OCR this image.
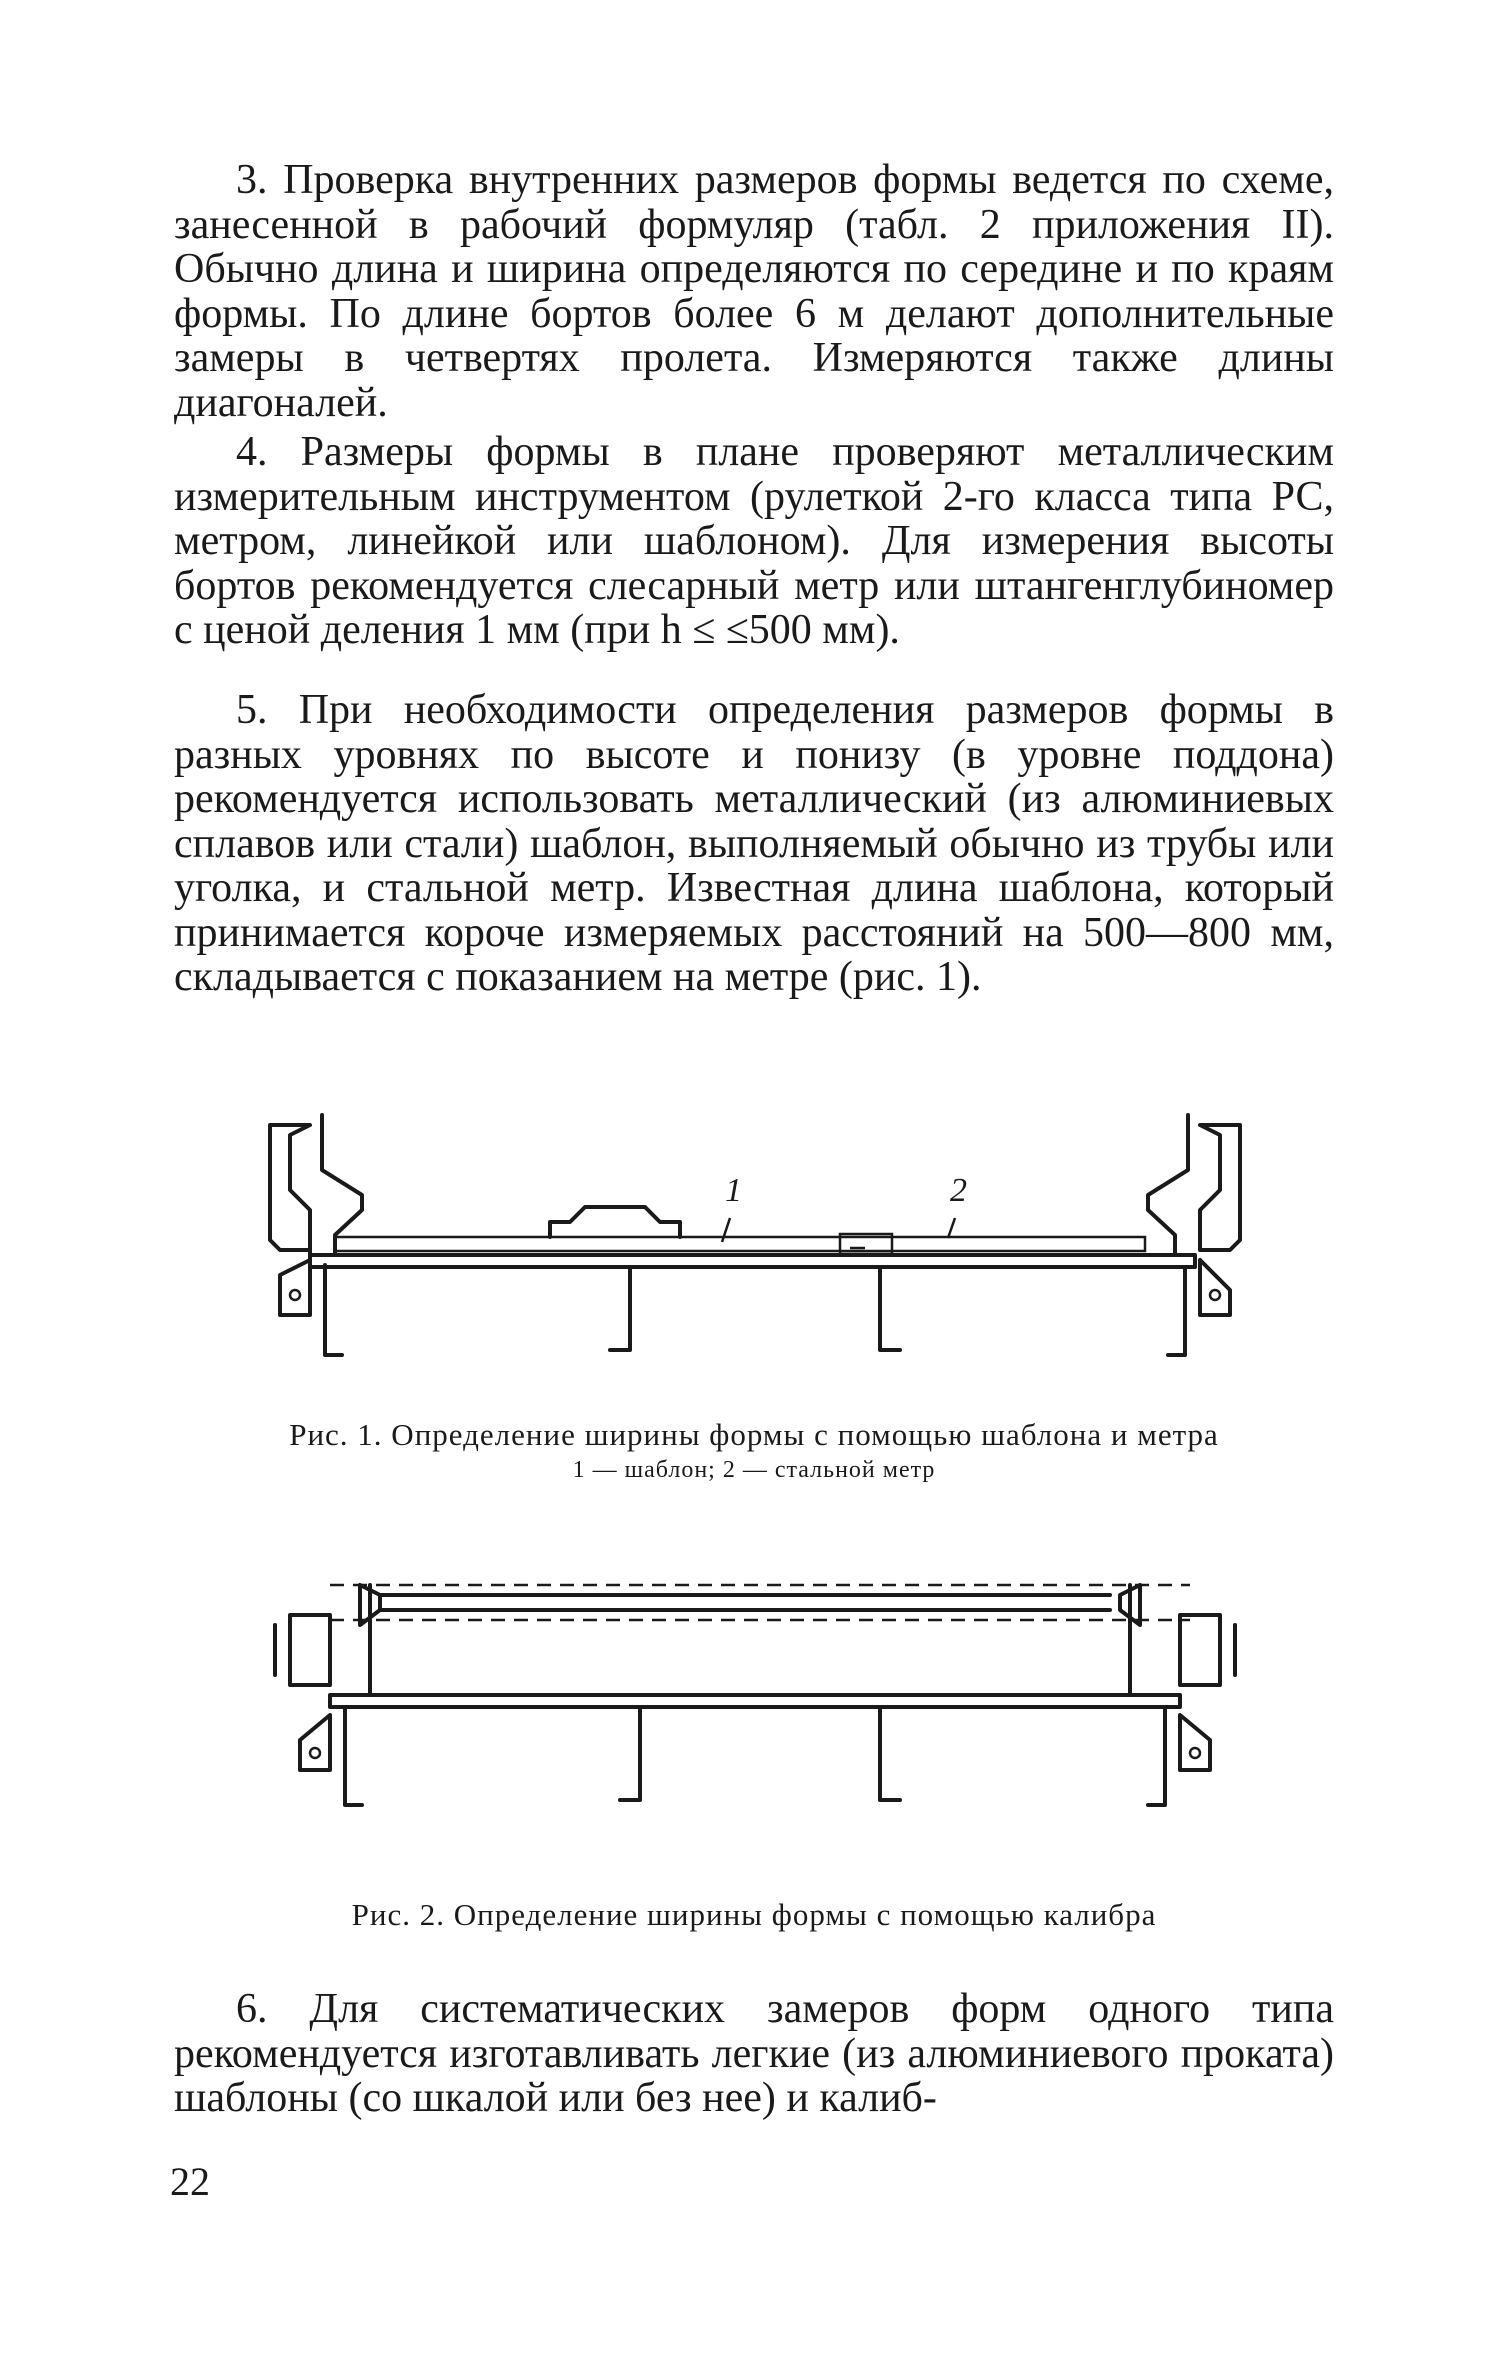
3. Проверка внутренних размеров формы ведется по схеме, занесенной в рабочий формуляр (табл. 2 приложения II). Обычно длина и ширина определяются по середине и по краям формы. По длине бортов более 6 м делают дополнительные замеры в четвертях пролета. Измеряются также длины диагоналей.

4. Размеры формы в плане проверяют металлическим измерительным инструментом (рулеткой 2-го класса типа РС, метром, линейкой или шаблоном). Для измерения высоты бортов рекомендуется слесарный метр или штангенглубиномер с ценой деления 1 мм (при h ≤ ≤500 мм).

5. При необходимости определения размеров формы в разных уровнях по высоте и понизу (в уровне поддона) рекомендуется использовать металлический (из алюминиевых сплавов или стали) шаблон, выполняемый обычно из трубы или уголка, и стальной метр. Известная длина шаблона, который принимается короче измеряемых расстояний на 500—800 мм, складывается с показанием на метре (рис. 1).

1	2
Рис. 1. Определение ширины формы с помощью шаблона и метра
1 — шаблон; 2 — стальной метр
Рис. 2. Определение ширины формы с помощью калибра

6. Для систематических замеров форм одного типа рекомендуется изготавливать легкие (из алюминиевого проката) шаблоны (со шкалой или без нее) и калиб-

22
